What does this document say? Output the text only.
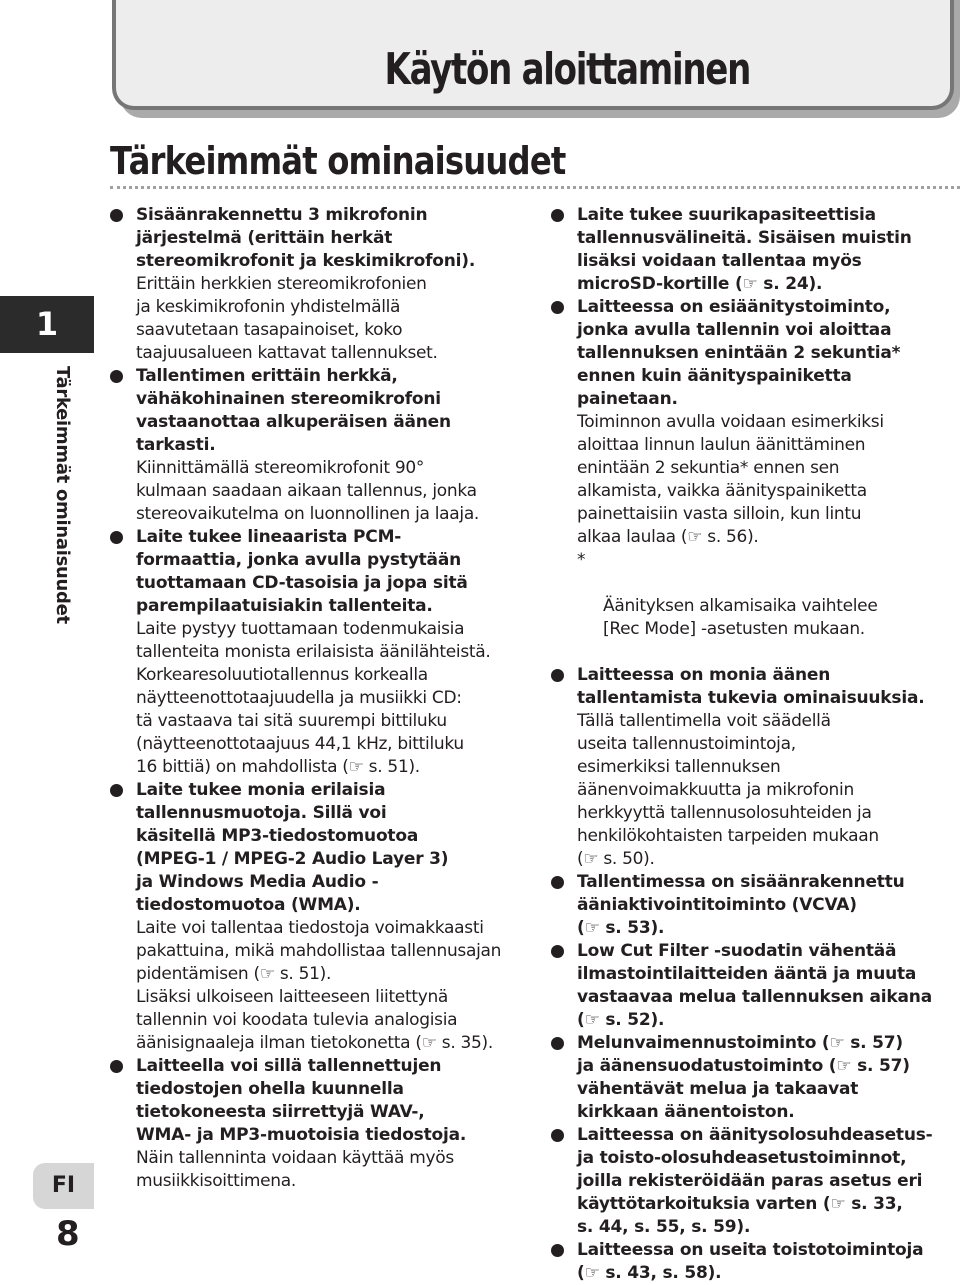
Käytön aloittaminen
Tärkeimmät ominaisuudet
1
Tärkeimmät ominaisuudet
FI
8
Sisäänrakennettu 3 mikrofonin
järjestelmä (erittäin herkät
stereomikrofonit ja keskimikrofoni).
Erittäin herkkien stereomikrofonien
ja keskimikrofonin yhdistelmällä
saavutetaan tasapainoiset, koko
taajuusalueen kattavat tallennukset.
Tallentimen erittäin herkkä,
vähäkohinainen stereomikrofoni
vastaanottaa alkuperäisen äänen
tarkasti.
Kiinnittämällä stereomikrofonit 90°
kulmaan saadaan aikaan tallennus, jonka
stereovaikutelma on luonnollinen ja laaja.
Laite tukee lineaarista PCM-
formaattia, jonka avulla pystytään
tuottamaan CD-tasoisia ja jopa sitä
parempilaatuisiakin tallenteita.
Laite pystyy tuottamaan todenmukaisia
tallenteita monista erilaisista äänilähteistä.
Korkearesoluutiotallennus korkealla
näytteenottotaajuudella ja musiikki CD:
tä vastaava tai sitä suurempi bittiluku
(näytteenottotaajuus 44,1 kHz, bittiluku
16 bittiä) on mahdollista (☞ s. 51).
Laite tukee monia erilaisia
tallennusmuotoja. Sillä voi
käsitellä MP3-tiedostomuotoa
(MPEG-1 / MPEG-2 Audio Layer 3)
ja Windows Media Audio -
tiedostomuotoa (WMA).
Laite voi tallentaa tiedostoja voimakkaasti
pakattuina, mikä mahdollistaa tallennusajan
pidentämisen (☞ s. 51).
Lisäksi ulkoiseen laitteeseen liitettynä
tallennin voi koodata tulevia analogisia
äänisignaaleja ilman tietokonetta (☞ s. 35).
Laitteella voi sillä tallennettujen
tiedostojen ohella kuunnella
tietokoneesta siirrettyjä WAV-,
WMA- ja MP3-muotoisia tiedostoja.
Näin tallenninta voidaan käyttää myös
musiikkisoittimena.
Laite tukee suurikapasiteettisia
tallennusvälineitä. Sisäisen muistin
lisäksi voidaan tallentaa myös
microSD-kortille (☞ s. 24).
Laitteessa on esiäänitystoiminto,
jonka avulla tallennin voi aloittaa
tallennuksen enintään 2 sekuntia*
ennen kuin äänityspainiketta
painetaan.
Toiminnon avulla voidaan esimerkiksi
aloittaa linnun laulun äänittäminen
enintään 2 sekuntia* ennen sen
alkamista, vaikka äänityspainiketta
painettaisiin vasta silloin, kun lintu
alkaa laulaa (☞ s. 56).

*

Äänityksen alkamisaika vaihtelee
[Rec Mode] -asetusten mukaan.

Laitteessa on monia äänen
tallentamista tukevia ominaisuuksia.
Tällä tallentimella voit säädellä
useita tallennustoimintoja,
esimerkiksi tallennuksen
äänenvoimakkuutta ja mikrofonin
herkkyyttä tallennusolosuhteiden ja
henkilökohtaisten tarpeiden mukaan
(☞ s. 50).
Tallentimessa on sisäänrakennettu
ääniaktivointitoiminto (VCVA)
(☞ s. 53).
Low Cut Filter -suodatin vähentää
ilmastointilaitteiden ääntä ja muuta
vastaavaa melua tallennuksen aikana
(☞ s. 52).
Melunvaimennustoiminto (☞ s. 57)
ja äänensuodatustoiminto (☞ s. 57)
vähentävät melua ja takaavat
kirkkaan äänentoiston.
Laitteessa on äänitysolosuhdeasetus-
ja toisto-olosuhdeasetustoiminnot,
joilla rekisteröidään paras asetus eri
käyttötarkoituksia varten (☞ s. 33,
s. 44, s. 55, s. 59).
Laitteessa on useita toistotoimintoja
(☞ s. 43, s. 58).
